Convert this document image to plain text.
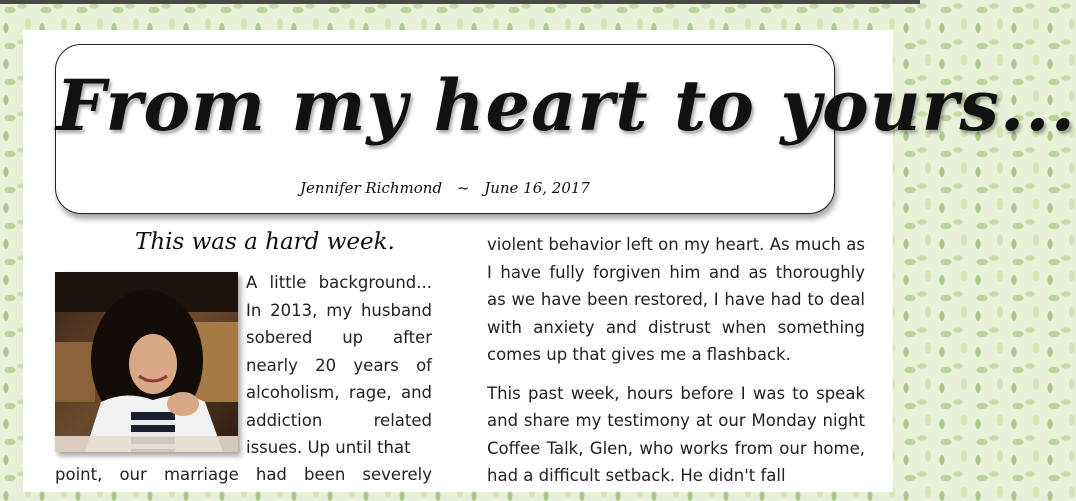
From my heart to yours...
Jennifer Richmond ~ June 16, 2017
This was a hard week.
A little background... In 2013, my husband sobered up after nearly 20 years of alcoholism, rage, and addiction related issues. Up until that
point, our marriage had been severely

violent behavior left on my heart. As much as I have fully forgiven him and as thoroughly as we have been restored, I have had to deal with anxiety and distrust when something comes up that gives me a flashback.

This past week, hours before I was to speak and share my testimony at our Monday night Coffee Talk, Glen, who works from our home, had a difficult setback. He didn't fall
